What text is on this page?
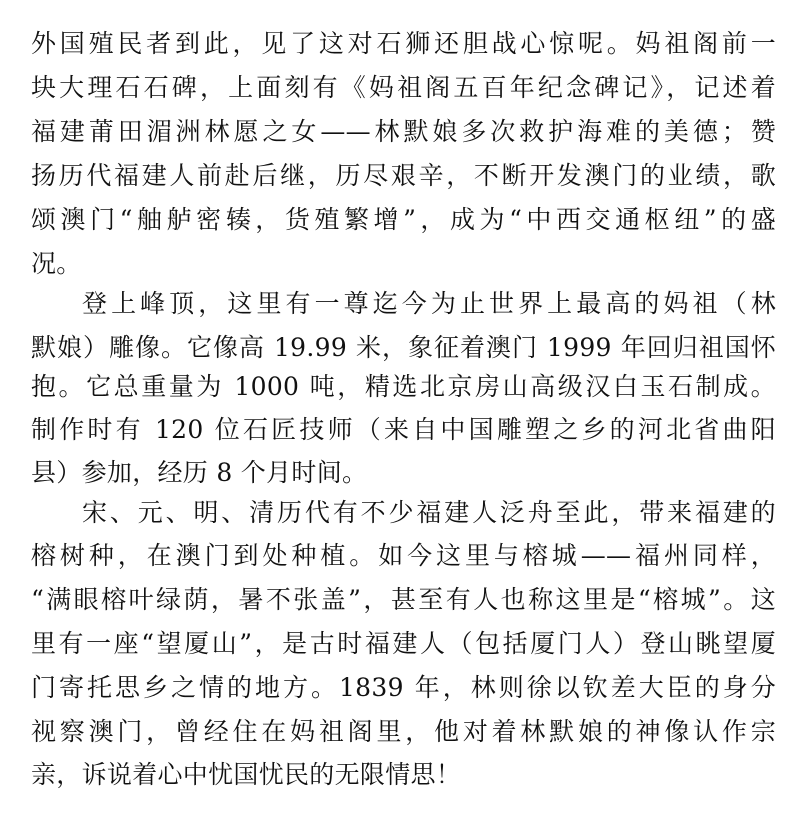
外国殖民者到此，见了这对石狮还胆战心惊呢。妈祖阁前一

块大理石石碑，上面刻有《妈祖阁五百年纪念碑记》，记述着

福建莆田湄洲林愿之女——林默娘多次救护海难的美德；赞

扬历代福建人前赴后继，历尽艰辛，不断开发澳门的业绩，歌

颂澳门“舳舻密辏，货殖繁增”，成为“中西交通枢纽”的盛

况。

登上峰顶，这里有一尊迄今为止世界上最高的妈祖（林

默娘）雕像。它像高 19.99 米，象征着澳门 1999 年回归祖国怀

抱。它总重量为 1000 吨，精选北京房山高级汉白玉石制成。

制作时有 120 位石匠技师（来自中国雕塑之乡的河北省曲阳

县）参加，经历 8 个月时间。

宋、元、明、清历代有不少福建人泛舟至此，带来福建的

榕树种，在澳门到处种植。如今这里与榕城——福州同样，

“满眼榕叶绿荫，暑不张盖”，甚至有人也称这里是“榕城”。这

里有一座“望厦山”，是古时福建人（包括厦门人）登山眺望厦

门寄托思乡之情的地方。1839 年，林则徐以钦差大臣的身分

视察澳门，曾经住在妈祖阁里，他对着林默娘的神像认作宗

亲，诉说着心中忧国忧民的无限情思！
